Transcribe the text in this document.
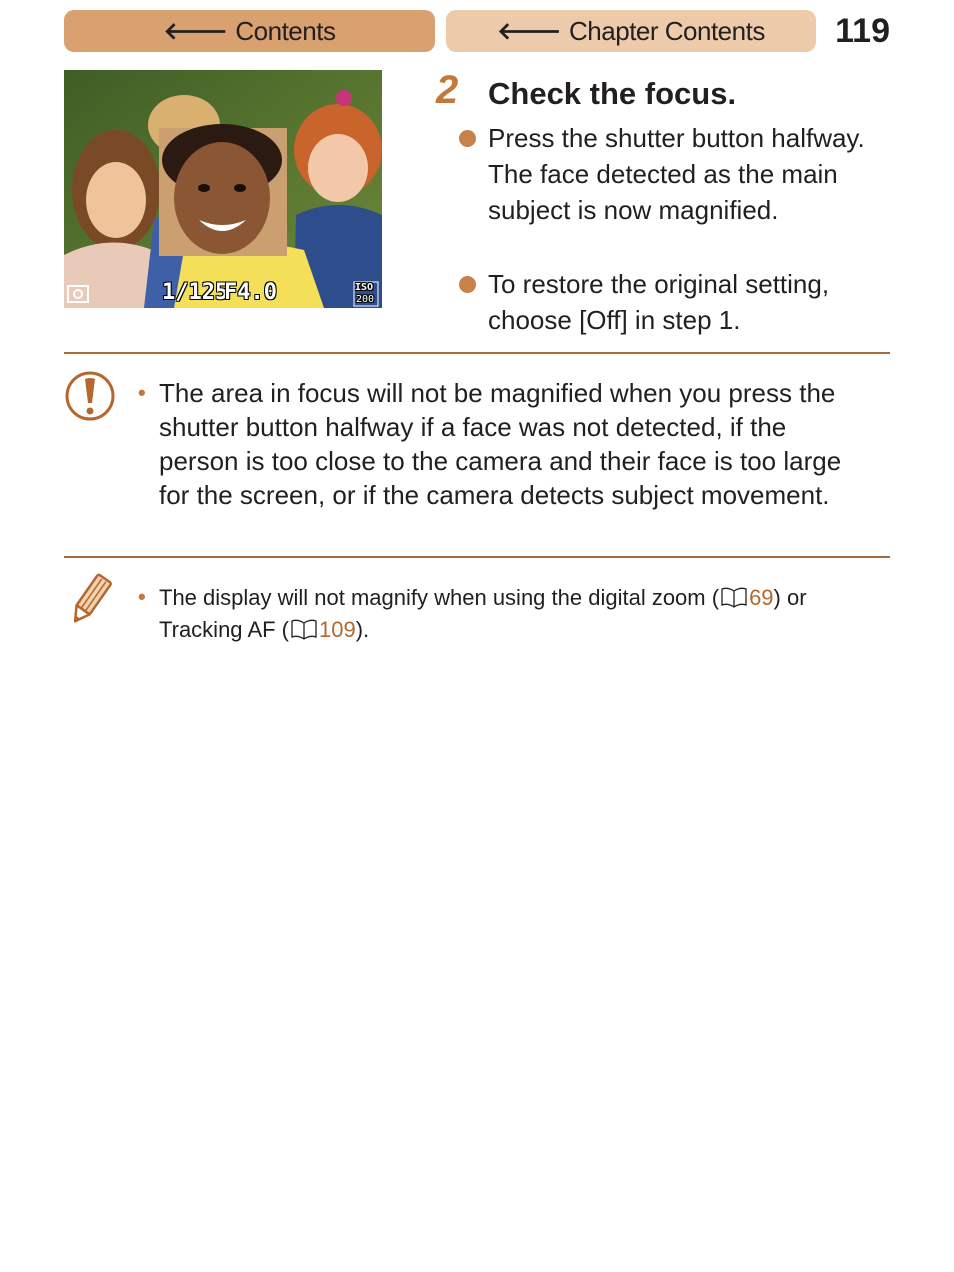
🡐 Contents	🡐 Chapter Contents 119
1/125
F4.0	ISO
200
2 Check the focus.
Press the shutter button halfway. The face detected as the main subject is now magnified.
To restore the original setting, choose [Off] in step 1.
• The area in focus will not be magnified when you press the shutter button halfway if a face was not detected, if the person is too close to the camera and their face is too large for the screen, or if the camera detects subject movement.
• The display will not magnify when using the digital zoom ( 69) or Tracking AF ( 109).
